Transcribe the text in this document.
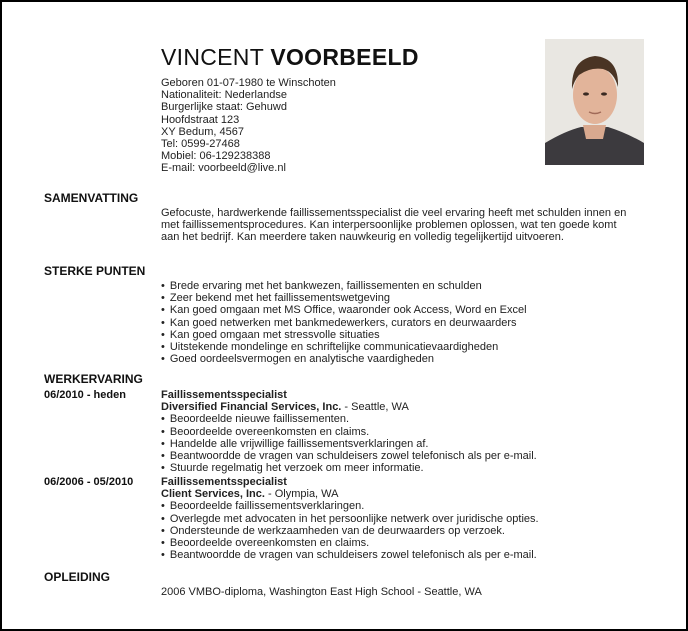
VINCENT VOORBEELD
Geboren 01-07-1980 te Winschoten
Nationaliteit: Nederlandse
Burgerlijke staat: Gehuwd
Hoofdstraat 123
XY Bedum, 4567
Tel: 0599-27468
Mobiel: 06-129238388
E-mail: voorbeeld@live.nl
SAMENVATTING
Gefocuste, hardwerkende faillissementsspecialist die veel ervaring heeft met schulden innen en met faillissementsprocedures. Kan interpersoonlijke problemen oplossen, wat ten goede komt aan het bedrijf. Kan meerdere taken nauwkeurig en volledig tegelijkertijd uitvoeren.
STERKE PUNTEN
• Brede ervaring met het bankwezen, faillissementen en schulden
• Zeer bekend met het faillissementswetgeving
• Kan goed omgaan met MS Office, waaronder ook Access, Word en Excel
• Kan goed netwerken met bankmedewerkers, curators en deurwaarders
• Kan goed omgaan met stressvolle situaties
• Uitstekende mondelinge en schriftelijke communicatievaardigheden
• Goed oordeelsvermogen en analytische vaardigheden
WERKERVARING
06/2010 - heden	Faillissementsspecialist
Diversified Financial Services, Inc. - Seattle, WA
• Beoordeelde nieuwe faillissementen.
• Beoordeelde overeenkomsten en claims.
• Handelde alle vrijwillige faillissementsverklaringen af.
• Beantwoordde de vragen van schuldeisers zowel telefonisch als per e-mail.
• Stuurde regelmatig het verzoek om meer informatie.
06/2006 - 05/2010	Faillissementsspecialist
Client Services, Inc. - Olympia, WA
• Beoordeelde faillissementsverklaringen.
• Overlegde met advocaten in het persoonlijke netwerk over juridische opties.
• Ondersteunde de werkzaamheden van de deurwaarders op verzoek.
• Beoordeelde overeenkomsten en claims.
• Beantwoordde de vragen van schuldeisers zowel telefonisch als per e-mail.
OPLEIDING
2006 VMBO-diploma, Washington East High School - Seattle, WA
